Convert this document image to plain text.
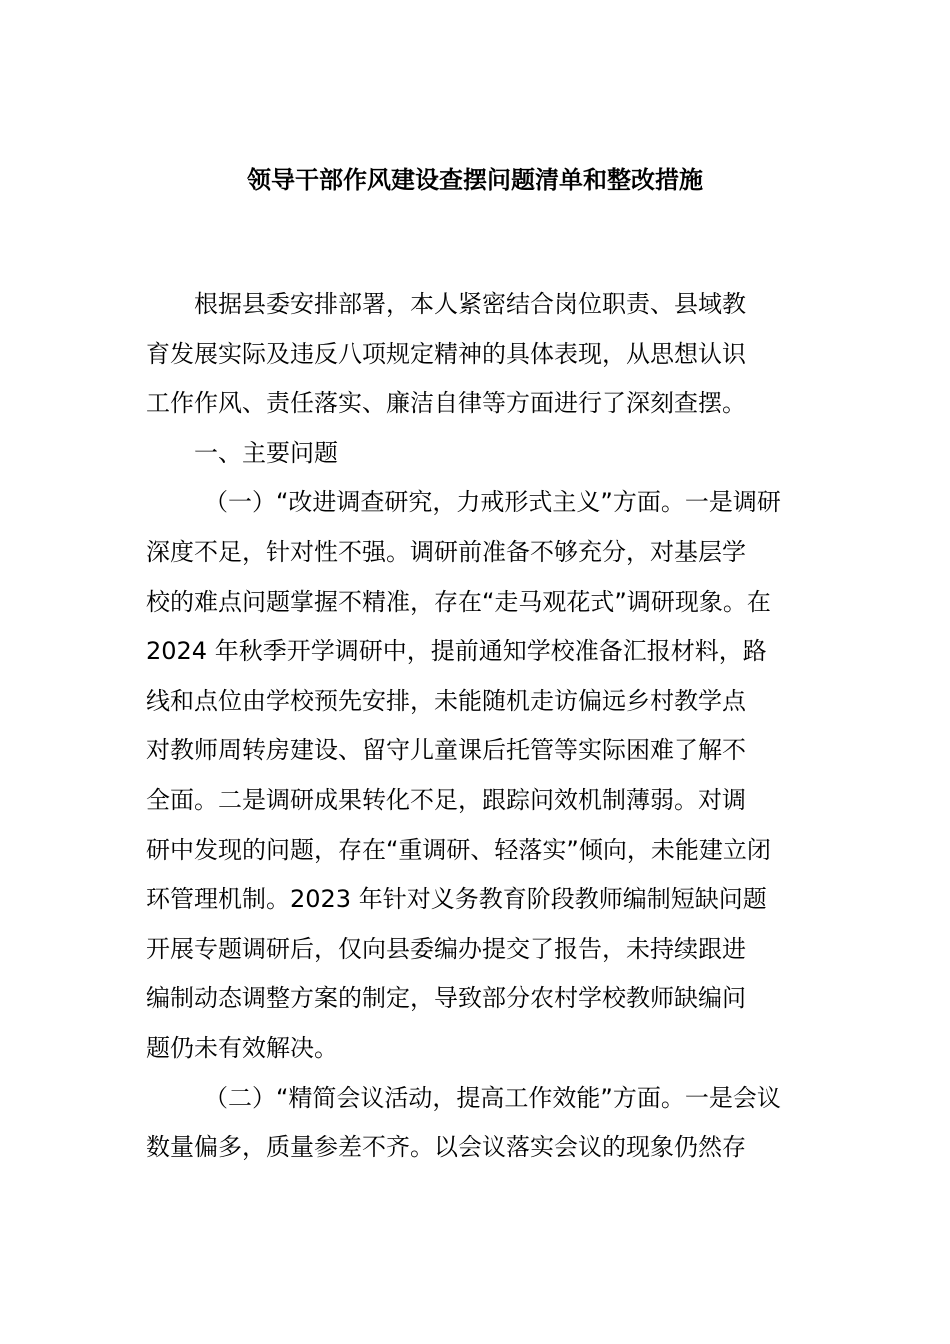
领导干部作风建设查摆问题清单和整改措施
根据县委安排部署，本人紧密结合岗位职责、县域教
育发展实际及违反八项规定精神的具体表现，从思想认识
工作作风、责任落实、廉洁自律等方面进行了深刻查摆。
一、主要问题
（一）“改进调查研究，力戒形式主义”方面。一是调研
深度不足，针对性不强。调研前准备不够充分，对基层学
校的难点问题掌握不精准，存在“走马观花式”调研现象。在
2024 年秋季开学调研中，提前通知学校准备汇报材料，路
线和点位由学校预先安排，未能随机走访偏远乡村教学点
对教师周转房建设、留守儿童课后托管等实际困难了解不
全面。二是调研成果转化不足，跟踪问效机制薄弱。对调
研中发现的问题，存在“重调研、轻落实”倾向，未能建立闭
环管理机制。2023 年针对义务教育阶段教师编制短缺问题
开展专题调研后，仅向县委编办提交了报告，未持续跟进
编制动态调整方案的制定，导致部分农村学校教师缺编问
题仍未有效解决。
（二）“精简会议活动，提高工作效能”方面。一是会议
数量偏多，质量参差不齐。以会议落实会议的现象仍然存
